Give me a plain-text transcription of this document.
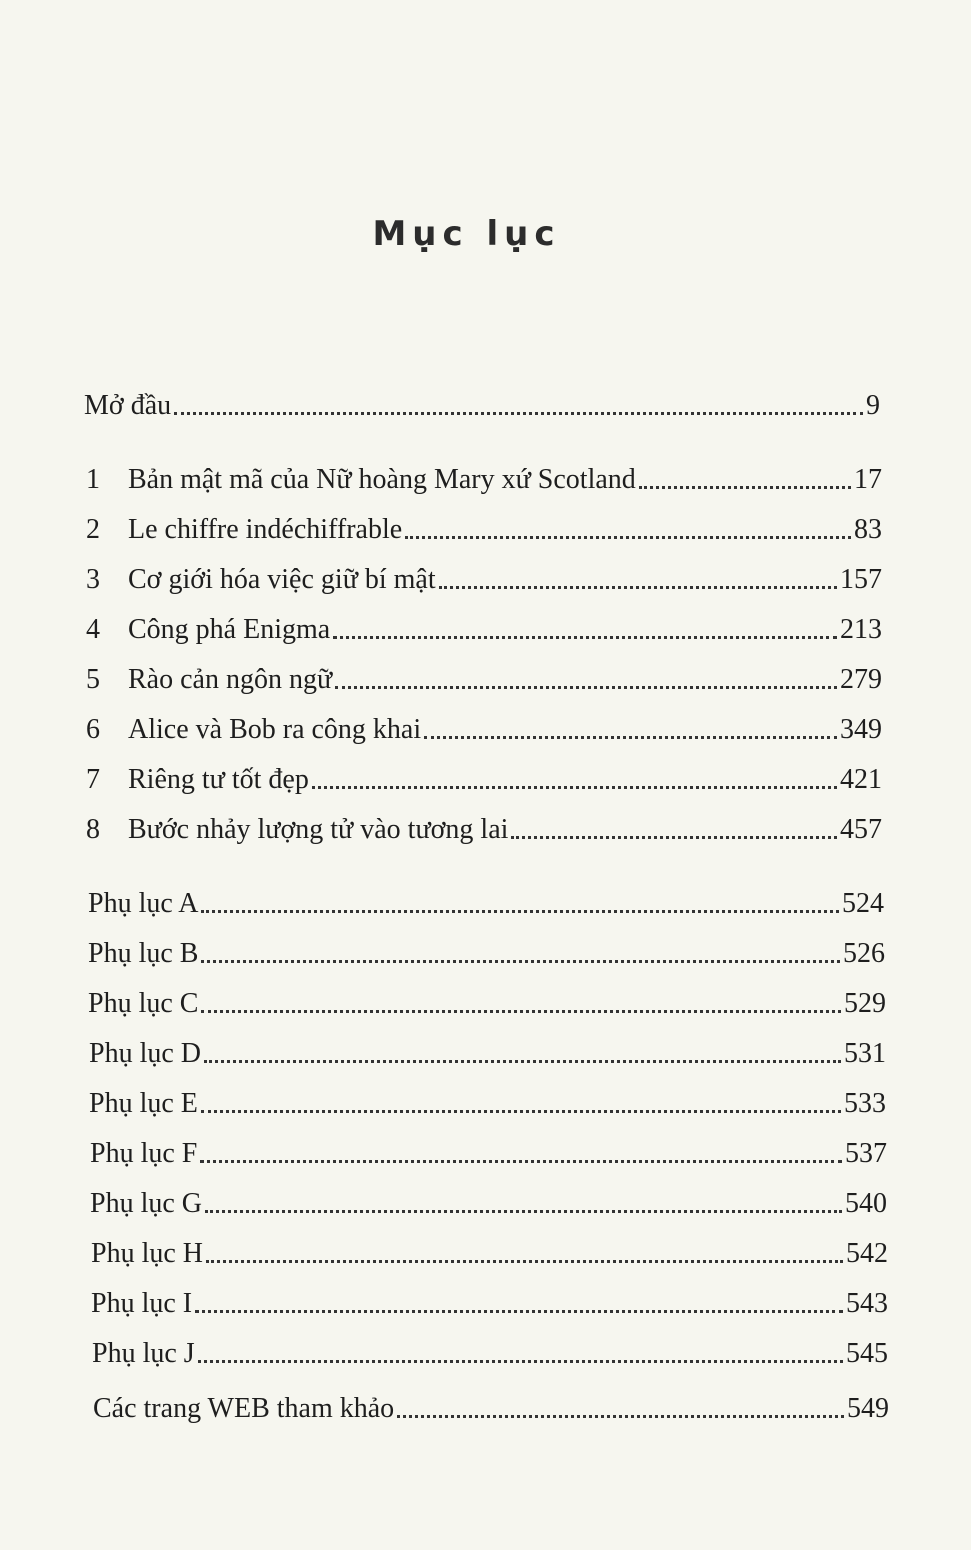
Mục lục
Mở đầu	9
1	Bản mật mã của Nữ hoàng Mary xứ Scotland	17
2	Le chiffre indéchiffrable	83
3	Cơ giới hóa việc giữ bí mật	157
4	Công phá Enigma	213
5	Rào cản ngôn ngữ	279
6	Alice và Bob ra công khai	349
7	Riêng tư tốt đẹp	421
8	Bước nhảy lượng tử vào tương lai	457
Phụ lục A	524
Phụ lục B	526
Phụ lục C	529
Phụ lục D	531
Phụ lục E	533
Phụ lục F	537
Phụ lục G	540
Phụ lục H	542
Phụ lục I	543
Phụ lục J	545
Các trang WEB tham khảo	549
